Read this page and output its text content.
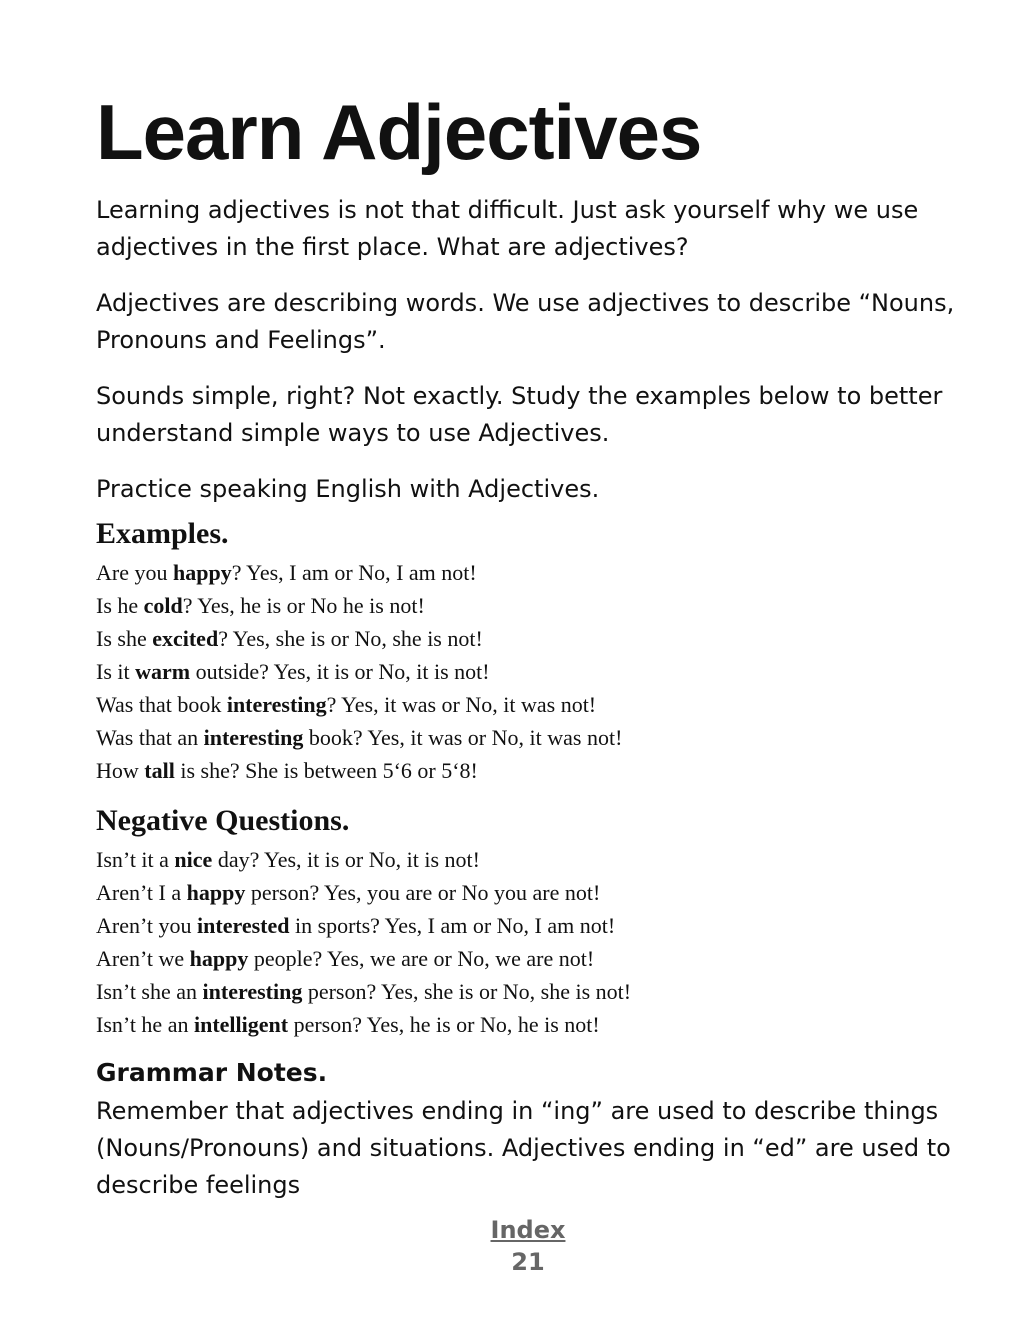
Learn Adjectives

Learning adjectives is not that difficult. Just ask yourself why we use adjectives in the first place. What are adjectives?

Adjectives are describing words. We use adjectives to describe “Nouns, Pronouns and Feelings”.

Sounds simple, right? Not exactly. Study the examples below to better understand simple ways to use Adjectives.

Practice speaking English with Adjectives.

Examples.
Are you happy? Yes, I am or No, I am not!
Is he cold? Yes, he is or No he is not!
Is she excited? Yes, she is or No, she is not!
Is it warm outside? Yes, it is or No, it is not!
Was that book interesting? Yes, it was or No, it was not!
Was that an interesting book? Yes, it was or No, it was not!
How tall is she? She is between 5‘6 or 5‘8!
Negative Questions.
Isn’t it a nice day? Yes, it is or No, it is not!
Aren’t I a happy person? Yes, you are or No you are not!
Aren’t you interested in sports? Yes, I am or No, I am not!
Aren’t we happy people? Yes, we are or No, we are not!
Isn’t she an interesting person? Yes, she is or No, she is not!
Isn’t he an intelligent person? Yes, he is or No, he is not!
Grammar Notes.

Remember that adjectives ending in “ing” are used to describe things (Nouns/Pronouns) and situations. Adjectives ending in “ed” are used to describe feelings

Index
21
